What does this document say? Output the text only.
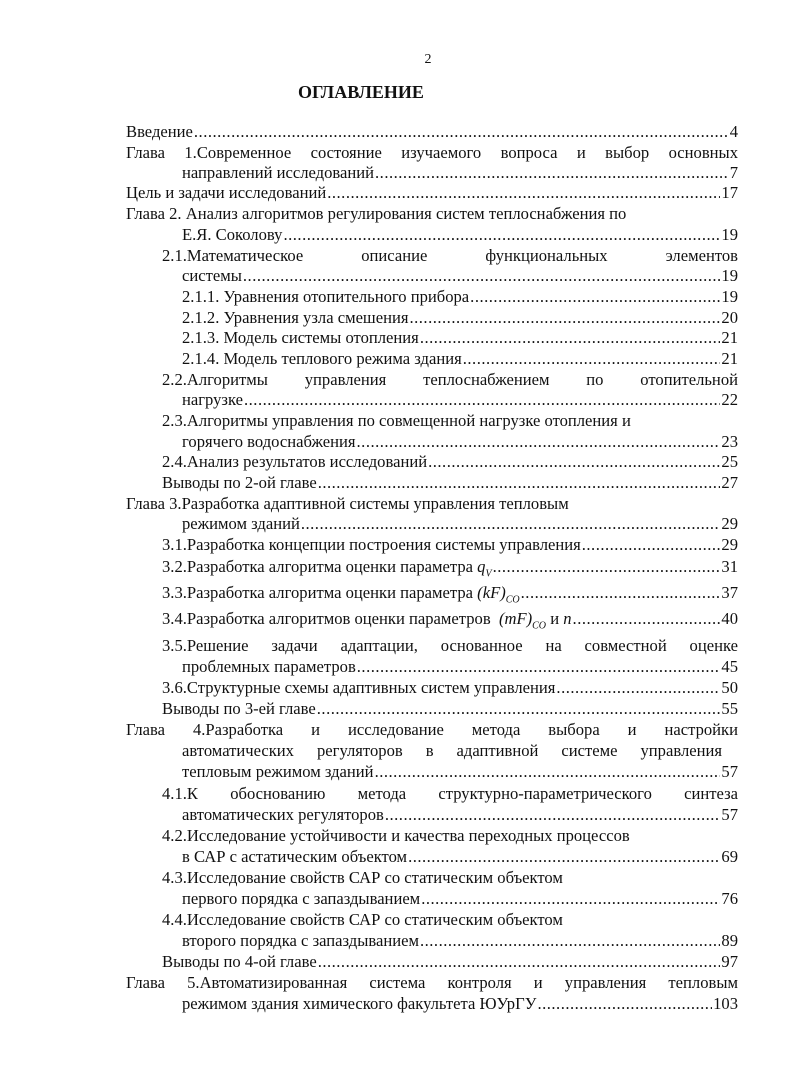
2
ОГЛАВЛЕНИЕ
Введение .....	4
Глава 1.Современное состояние изучаемого вопроса и выбор основных
направлений исследований .....	7
Цель и задачи исследований .....	17
Глава 2. Анализ алгоритмов регулирования систем теплоснабжения по
Е.Я. Соколову .....	19
2.1.Математическое описание функциональных элементов
системы .....	19
2.1.1. Уравнения отопительного прибора .....	19
2.1.2. Уравнения узла смешения .....	20
2.1.3. Модель системы отопления .....	21
2.1.4. Модель теплового режима здания .....	21
2.2.Алгоритмы управления теплоснабжением по отопительной
нагрузке .....	22
2.3.Алгоритмы управления по совмещенной нагрузке отопления и
горячего водоснабжения .....	23
2.4.Анализ результатов исследований .....	25
Выводы по 2-ой главе .....	27
Глава 3.Разработка адаптивной системы управления тепловым
режимом зданий .....	29
3.1.Разработка концепции построения системы управления .....	29
3.2.Разработка алгоритма оценки параметра
$q_V$ .....	31
3.3.Разработка алгоритма оценки параметра
$(kF)_{CO}$ .....	37
3.4.Разработка алгоритмов оценки параметров
$(mF)_{CO}$
и
n .....	40
3.5.Решение задачи адаптации, основанное на совместной оценке
проблемных параметров .....	45
3.6.Структурные схемы адаптивных систем управления .....	50
Выводы по 3-ей главе .....	55
Глава 4.Разработка и исследование метода выбора и настройки
автоматических регуляторов в адаптивной системе управления
тепловым режимом зданий .....	57
4.1.К обоснованию метода структурно-параметрического синтеза
автоматических регуляторов .....	57
4.2.Исследование устойчивости и качества переходных процессов
в САР с астатическим объектом .....	69
4.3.Исследование свойств САР со статическим объектом
первого порядка с запаздыванием .....	76
4.4.Исследование свойств САР со статическим объектом
второго порядка с запаздыванием .....	89
Выводы по 4-ой главе .....	97
Глава 5.Автоматизированная система контроля и управления тепловым
режимом здания химического факультета ЮУрГУ .....	103
